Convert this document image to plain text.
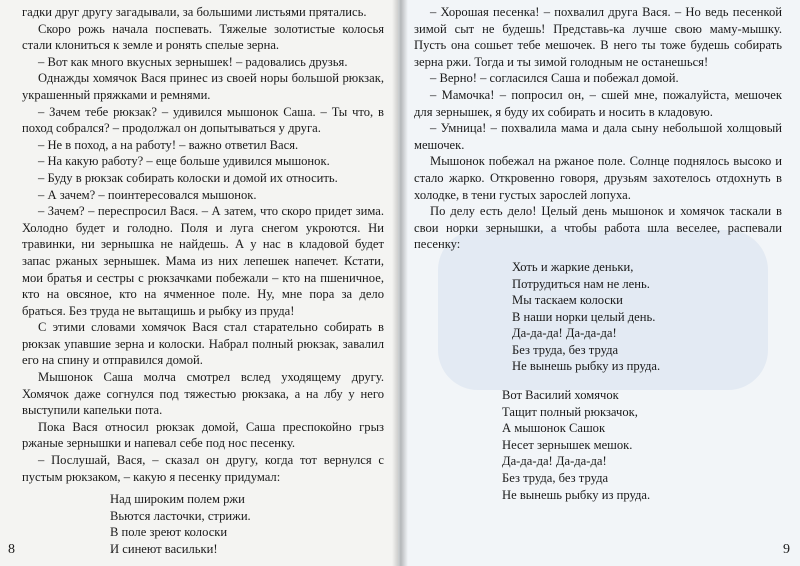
гадки друг другу загадывали, за большими листьями прятались.

Скоро рожь начала поспевать. Тяжелые золотистые колосья стали клониться к земле и ронять спелые зерна.

– Вот как много вкусных зернышек! – радовались друзья.

Однажды хомячок Вася принес из своей норы большой рюкзак, украшенный пряжками и ремнями.

– Зачем тебе рюкзак? – удивился мышонок Саша. – Ты что, в поход собрался? – продолжал он допытываться у друга.

– Не в поход, а на работу! – важно ответил Вася.

– На какую работу? – еще больше удивился мышонок.

– Буду в рюкзак собирать колоски и домой их относить.

– А зачем? – поинтересовался мышонок.

– Зачем? – переспросил Вася. – А затем, что скоро придет зима. Холодно будет и голодно. Поля и луга снегом укроются. Ни травинки, ни зернышка не найдешь. А у нас в кладовой будет запас ржаных зернышек. Мама из них лепешек напечет. Кстати, мои братья и сестры с рюкзачками побежали – кто на пшеничное, кто на овсяное, кто на ячменное поле. Ну, мне пора за дело браться. Без труда не вытащишь и рыбку из пруда!

С этими словами хомячок Вася стал старательно собирать в рюкзак упавшие зерна и колоски. Набрал полный рюкзак, завалил его на спину и отправился домой.

Мышонок Саша молча смотрел вслед уходящему другу. Хомячок даже согнулся под тяжестью рюкзака, а на лбу у него выступили капельки пота.

Пока Вася относил рюкзак домой, Саша преспокойно грыз ржаные зернышки и напевал себе под нос песенку.

– Послушай, Вася, – сказал он другу, когда тот вернулся с пустым рюкзаком, – какую я песенку придумал:

Над широким полем ржи
Вьются ласточки, стрижи.
В поле зреют колоски
И синеют васильки!
8

– Хорошая песенка! – похвалил друга Вася. – Но ведь песенкой зимой сыт не будешь! Представь-ка лучше свою маму-мышку. Пусть она сошьет тебе мешочек. В него ты тоже будешь собирать зерна ржи. Тогда и ты зимой голодным не останешься!

– Верно! – согласился Саша и побежал домой.

– Мамочка! – попросил он, – сшей мне, пожалуйста, мешочек для зернышек, я буду их собирать и носить в кладовую.

– Умница! – похвалила мама и дала сыну небольшой холщовый мешочек.

Мышонок побежал на ржаное поле. Солнце поднялось высоко и стало жарко. Откровенно говоря, друзьям захотелось отдохнуть в холодке, в тени густых зарослей лопуха.

По делу есть дело! Целый день мышонок и хомячок таскали в свои норки зернышки, а чтобы работа шла веселее, распевали песенку:

Хоть и жаркие деньки,
Потрудиться нам не лень.
Мы таскаем колоски
В наши норки целый день.
Да-да-да! Да-да-да!
Без труда, без труда
Не вынешь рыбку из пруда.
Вот Василий хомячок
Тащит полный рюкзачок,
А мышонок Сашок
Несет зернышек мешок.
Да-да-да! Да-да-да!
Без труда, без труда
Не вынешь рыбку из пруда.
9
